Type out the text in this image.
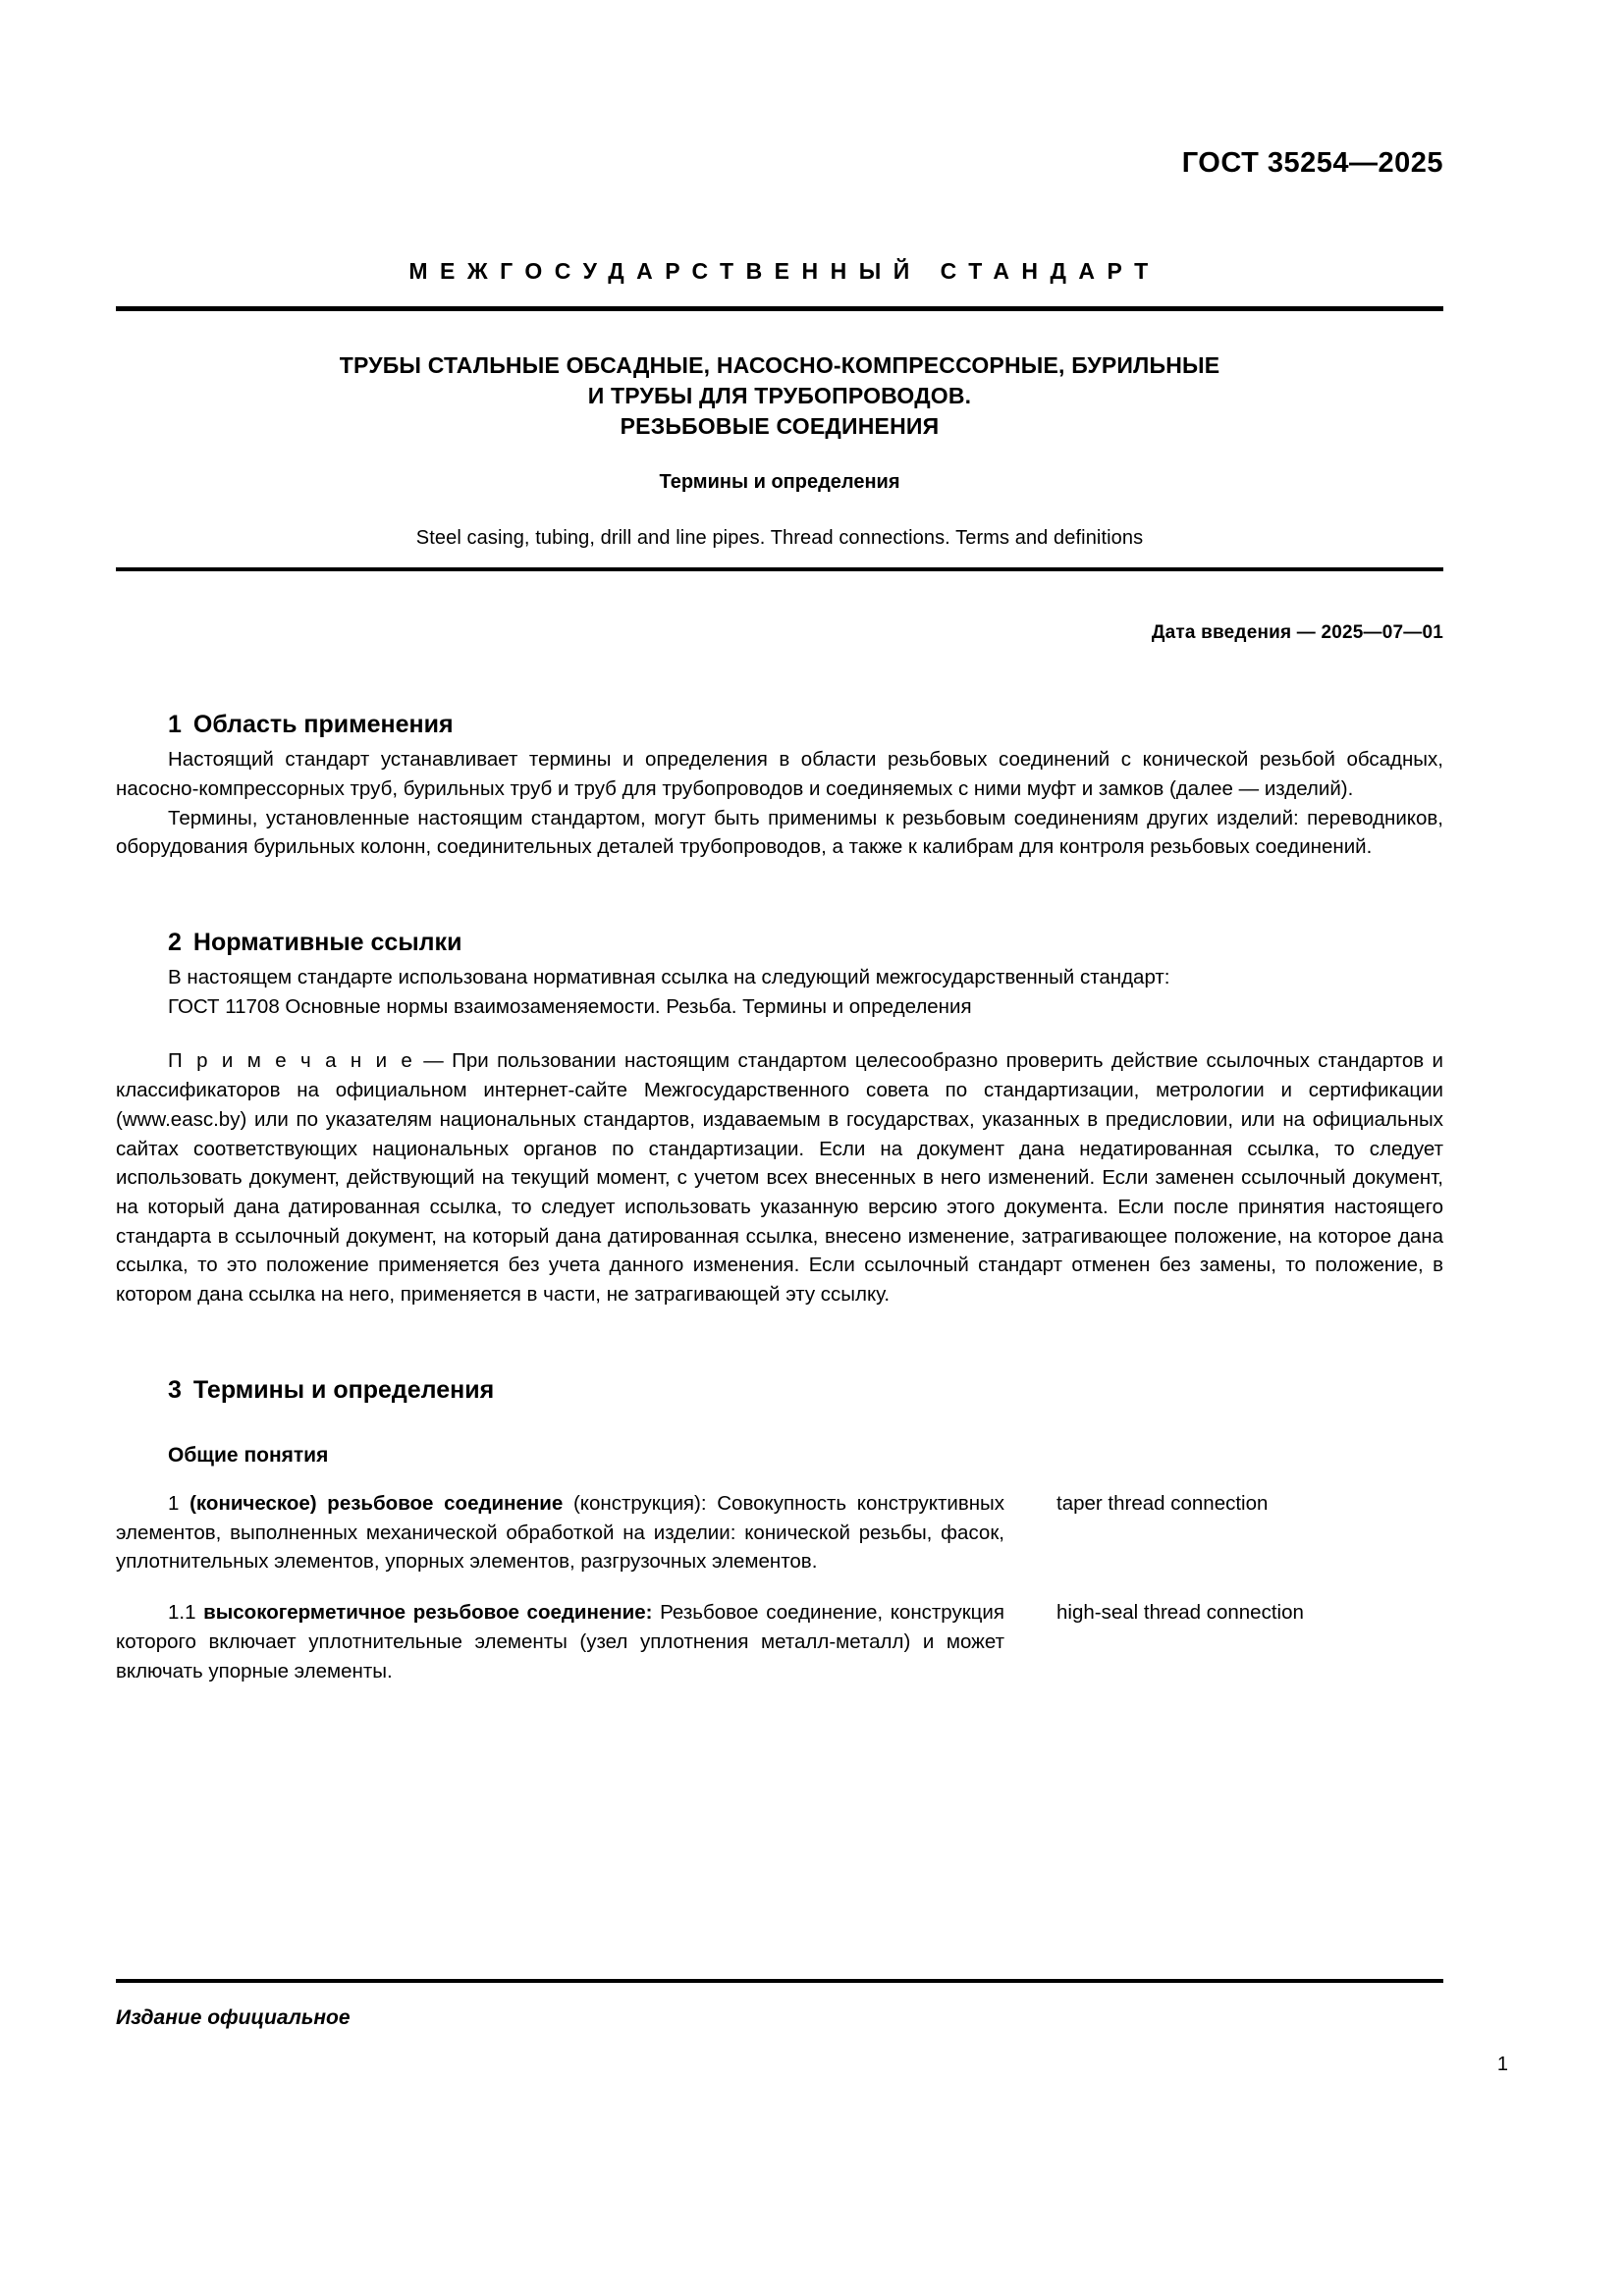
ГОСТ 35254—2025
МЕЖГОСУДАРСТВЕННЫЙ СТАНДАРТ
ТРУБЫ СТАЛЬНЫЕ ОБСАДНЫЕ, НАСОСНО-КОМПРЕССОРНЫЕ, БУРИЛЬНЫЕ
И ТРУБЫ ДЛЯ ТРУБОПРОВОДОВ.
РЕЗЬБОВЫЕ СОЕДИНЕНИЯ
Термины и определения
Steel casing, tubing, drill and line pipes. Thread connections. Terms and definitions
Дата введения — 2025—07—01
1 Область применения

Настоящий стандарт устанавливает термины и определения в области резьбовых соединений с конической резьбой обсадных, насосно-компрессорных труб, бурильных труб и труб для трубопроводов и соединяемых с ними муфт и замков (далее — изделий).

Термины, установленные настоящим стандартом, могут быть применимы к резьбовым соединениям других изделий: переводников, оборудования бурильных колонн, соединительных деталей трубопроводов, а также к калибрам для контроля резьбовых соединений.

2 Нормативные ссылки

В настоящем стандарте использована нормативная ссылка на следующий межгосударственный стандарт:

ГОСТ 11708 Основные нормы взаимозаменяемости. Резьба. Термины и определения

П р и м е ч а н и е — При пользовании настоящим стандартом целесообразно проверить действие ссылочных стандартов и классификаторов на официальном интернет-сайте Межгосударственного совета по стандартизации, метрологии и сертификации (www.easc.by) или по указателям национальных стандартов, издаваемым в государствах, указанных в предисловии, или на официальных сайтах соответствующих национальных органов по стандартизации. Если на документ дана недатированная ссылка, то следует использовать документ, действующий на текущий момент, с учетом всех внесенных в него изменений. Если заменен ссылочный документ, на который дана датированная ссылка, то следует использовать указанную версию этого документа. Если после принятия настоящего стандарта в ссылочный документ, на который дана датированная ссылка, внесено изменение, затрагивающее положение, на которое дана ссылка, то это положение применяется без учета данного изменения. Если ссылочный стандарт отменен без замены, то положение, в котором дана ссылка на него, применяется в части, не затрагивающей эту ссылку.

3 Термины и определения
Общие понятия
1 (коническое) резьбовое соединение (конструкция): Совокупность конструктивных элементов, выполненных механической обработкой на изделии: конической резьбы, фасок, уплотнительных элементов, упорных элементов, разгрузочных элементов.
taper thread connection
1.1 высокогерметичное резьбовое соединение: Резьбовое соединение, конструкция которого включает уплотнительные элементы (узел уплотнения металл-металл) и может включать упорные элементы.
high-seal thread connection
Издание официальное
1
